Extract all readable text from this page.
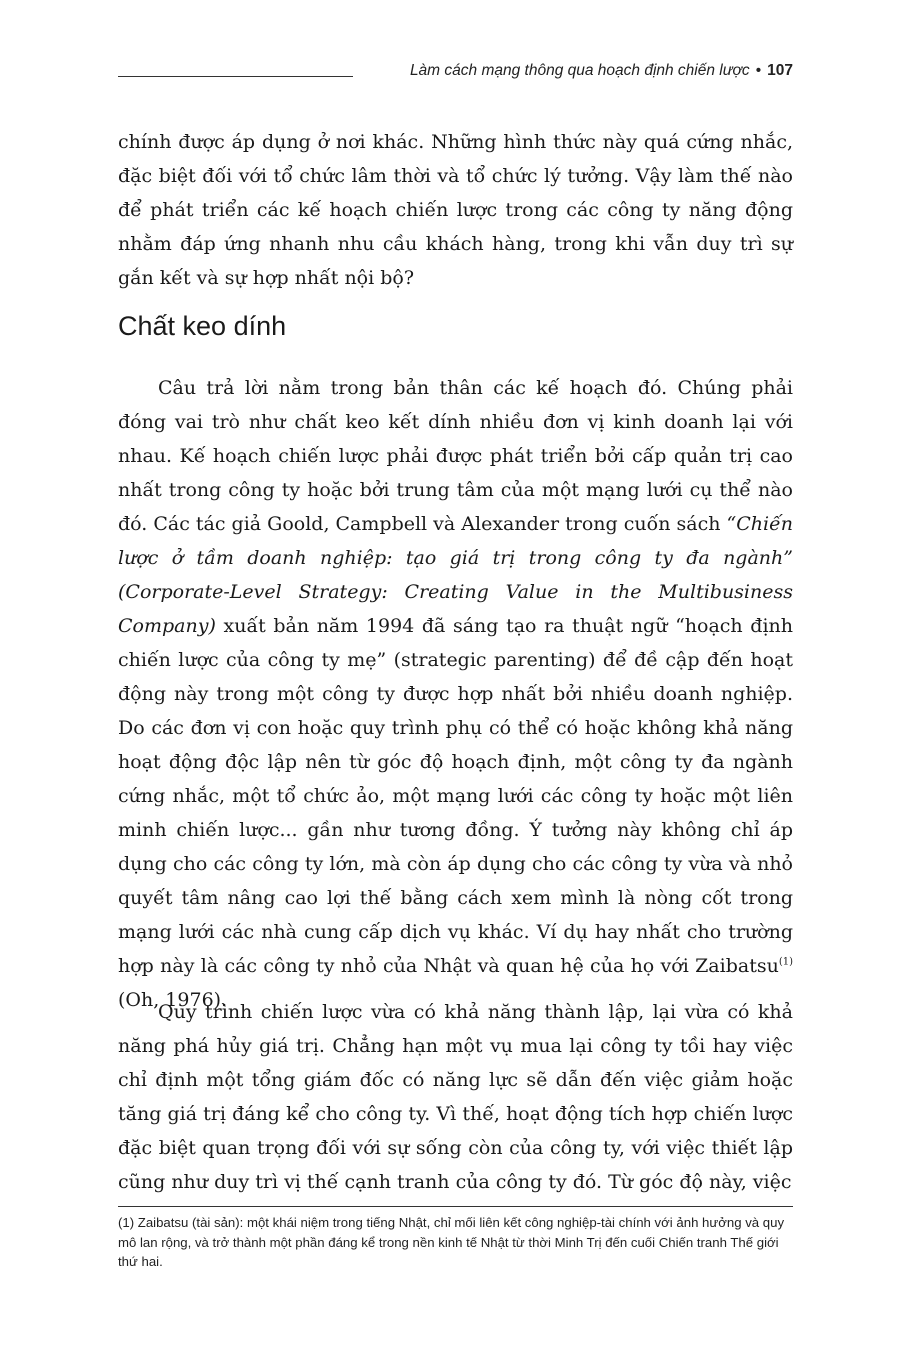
Làm cách mạng thông qua hoạch định chiến lược • 107
chính được áp dụng ở nơi khác. Những hình thức này quá cứng nhắc, đặc biệt đối với tổ chức lâm thời và tổ chức lý tưởng. Vậy làm thế nào để phát triển các kế hoạch chiến lược trong các công ty năng động nhằm đáp ứng nhanh nhu cầu khách hàng, trong khi vẫn duy trì sự gắn kết và sự hợp nhất nội bộ?
Chất keo dính
Câu trả lời nằm trong bản thân các kế hoạch đó. Chúng phải đóng vai trò như chất keo kết dính nhiều đơn vị kinh doanh lại với nhau. Kế hoạch chiến lược phải được phát triển bởi cấp quản trị cao nhất trong công ty hoặc bởi trung tâm của một mạng lưới cụ thể nào đó. Các tác giả Goold, Campbell và Alexander trong cuốn sách “Chiến lược ở tầm doanh nghiệp: tạo giá trị trong công ty đa ngành” (Corporate-Level Strategy: Creating Value in the Multibusiness Company) xuất bản năm 1994 đã sáng tạo ra thuật ngữ “hoạch định chiến lược của công ty mẹ” (strategic parenting) để đề cập đến hoạt động này trong một công ty được hợp nhất bởi nhiều doanh nghiệp. Do các đơn vị con hoặc quy trình phụ có thể có hoặc không khả năng hoạt động độc lập nên từ góc độ hoạch định, một công ty đa ngành cứng nhắc, một tổ chức ảo, một mạng lưới các công ty hoặc một liên minh chiến lược... gần như tương đồng. Ý tưởng này không chỉ áp dụng cho các công ty lớn, mà còn áp dụng cho các công ty vừa và nhỏ quyết tâm nâng cao lợi thế bằng cách xem mình là nòng cốt trong mạng lưới các nhà cung cấp dịch vụ khác. Ví dụ hay nhất cho trường hợp này là các công ty nhỏ của Nhật và quan hệ của họ với Zaibatsu$^{(1)}$ (Oh, 1976).
Quy trình chiến lược vừa có khả năng thành lập, lại vừa có khả năng phá hủy giá trị. Chẳng hạn một vụ mua lại công ty tồi hay việc chỉ định một tổng giám đốc có năng lực sẽ dẫn đến việc giảm hoặc tăng giá trị đáng kể cho công ty. Vì thế, hoạt động tích hợp chiến lược đặc biệt quan trọng đối với sự sống còn của công ty, với việc thiết lập cũng như duy trì vị thế cạnh tranh của công ty đó. Từ góc độ này, việc
(1) Zaibatsu (tài sản): một khái niệm trong tiếng Nhật, chỉ mối liên kết công nghiệp-tài chính với ảnh hưởng và quy mô lan rộng, và trở thành một phần đáng kể trong nền kinh tế Nhật từ thời Minh Trị đến cuối Chiến tranh Thế giới thứ hai.
